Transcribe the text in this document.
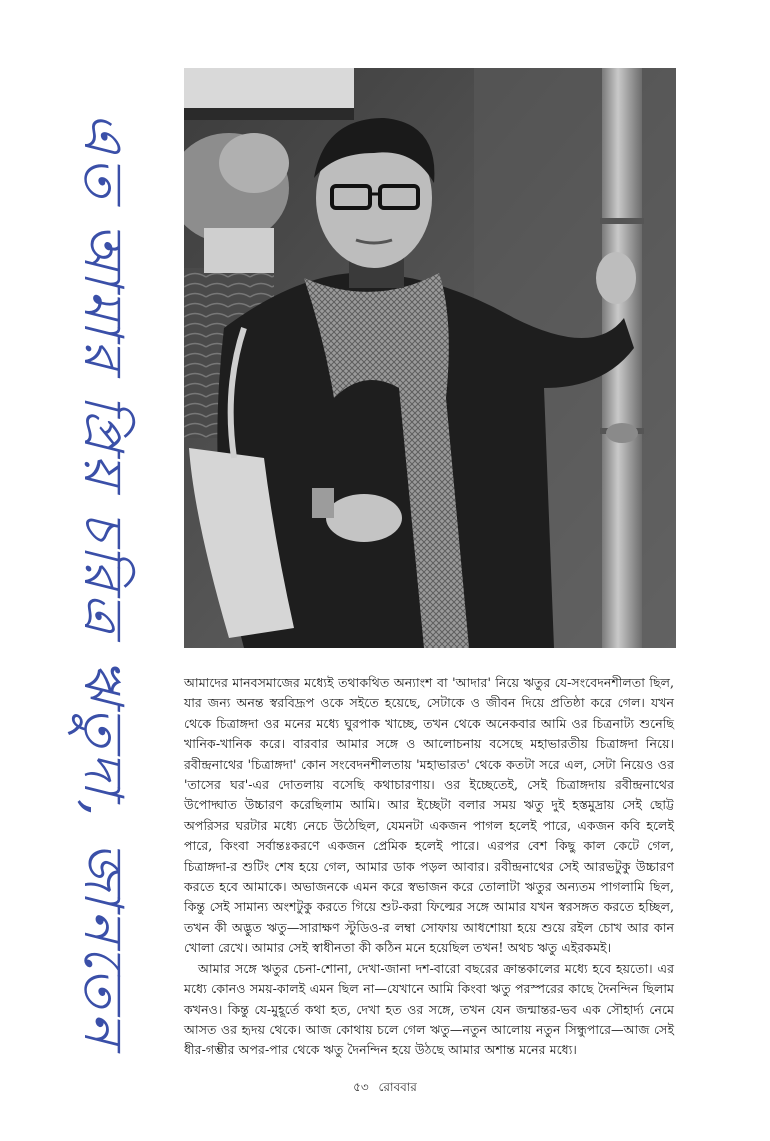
এত আমার প্রিয় চরিত্র ঋতুদা, জানতেন	আমাদের মানবসমাজের মধ্যেই তথাকথিত অন্যাংশ বা 'আদার' নিয়ে ঋতুর যে-সংবেদনশীলতা ছিল, যার জন্য অনন্ত স্বরবিদ্রূপ ওকে সইতে হয়েছে, সেটাকে ও জীবন দিয়ে প্রতিষ্ঠা করে গেল। যখন থেকে চিত্রাঙ্গদা ওর মনের মধ্যে ঘুরপাক খাচ্ছে, তখন থেকে অনেকবার আমি ওর চিত্রনাট্য শুনেছি খানিক-খানিক করে। বারবার আমার সঙ্গে ও আলোচনায় বসেছে মহাভারতীয় চিত্রাঙ্গদা নিয়ে। রবীন্দ্রনাথের 'চিত্রাঙ্গদা' কোন সংবেদনশীলতায় 'মহাভারত' থেকে কতটা সরে এল, সেটা নিয়েও ওর 'তাসের ঘর'-এর দোতলায় বসেছি কথাচারণায়। ওর ইচ্ছেতেই, সেই চিত্রাঙ্গদায় রবীন্দ্রনাথের উপোদ্ঘাত উচ্চারণ করেছিলাম আমি। আর ইচ্ছেটা বলার সময় ঋতু দুই হস্তমুদ্রায় সেই ছোট্ট অপরিসর ঘরটার মধ্যে নেচে উঠেছিল, যেমনটা একজন পাগল হলেই পারে, একজন কবি হলেই পারে, কিংবা সর্বান্তঃকরণে একজন প্রেমিক হলেই পারে। এরপর বেশ কিছু কাল কেটে গেল, চিত্রাঙ্গদা-র শুটিং শেষ হয়ে গেল, আমার ডাক পড়ল আবার। রবীন্দ্রনাথের সেই আরভটুকু উচ্চারণ করতে হবে আমাকে। অভাজনকে এমন করে স্বভাজন করে তোলাটা ঋতুর অন্যতম পাগলামি ছিল, কিন্তু সেই সামান্য অংশটুকু করতে গিয়ে শুট-করা ফিল্মের সঙ্গে আমার যখন স্বরসঙ্গত করতে হচ্ছিল, তখন কী অদ্ভুত ঋতু—সারাক্ষণ স্টুডিও-র লম্বা সোফায় আধশোয়া হয়ে শুয়ে রইল চোখ আর কান খোলা রেখে। আমার সেই স্বাধীনতা কী কঠিন মনে হয়েছিল তখন! অথচ ঋতু এইরকমই।

আমার সঙ্গে ঋতুর চেনা-শোনা, দেখা-জানা দশ-বারো বছরের ক্রান্তকালের মধ্যে হবে হয়তো। এর মধ্যে কোনও সময়-কালই এমন ছিল না—যেখানে আমি কিংবা ঋতু পরস্পরের কাছে দৈনন্দিন ছিলাম কখনও। কিন্তু যে-মুহূর্তে কথা হত, দেখা হত ওর সঙ্গে, তখন যেন জন্মান্তর-ভব এক সৌহার্দ্য নেমে আসত ওর হৃদয় থেকে। আজ কোথায় চলে গেল ঋতু—নতুন আলোয় নতুন সিন্ধুপারে—আজ সেই ধীর-গম্ভীর অপর-পার থেকে ঋতু দৈনন্দিন হয়ে উঠছে আমার অশান্ত মনের মধ্যে।

৫৩ রোববার
